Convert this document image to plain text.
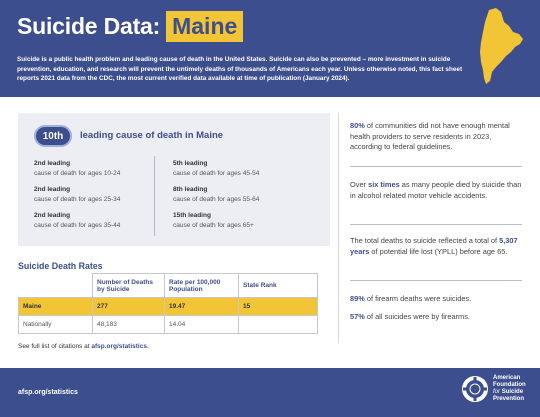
Suicide Data: Maine

Suicide is a public health problem and leading cause of death in the United States. Suicide can also be prevented – more investment in suicide prevention, education, and research will prevent the untimely deaths of thousands of Americans each year. Unless otherwise noted, this fact sheet reports 2021 data from the CDC, the most current verified data available at time of publication (January 2024).

10th	leading cause of death in Maine
2nd leading
cause of death for ages 10-24
2nd leading
cause of death for ages 25-34
2nd leading
cause of death for ages 35-44
5th leading
cause of death for ages 45-54
8th leading
cause of death for ages 55-64
15th leading
cause of death for ages 65+
Suicide Death Rates
	Number of Deaths by Suicide	Rate per 100,000 Population	State Rank
Maine	277	19.47	15
Nationally	48,183	14.04	
See full list of citations at afsp.org/statistics.

80% of communities did not have enough mental health providers to serve residents in 2023, according to federal guidelines.

Over six times as many people died by suicide than in alcohol related motor vehicle accidents.

The total deaths to suicide reflected a total of 5,307 years of potential life lost (YPLL) before age 65.

89% of firearm deaths were suicides.

57% of all suicides were by firearms.

afsp.org/statistics
American
Foundation
for Suicide
Prevention
